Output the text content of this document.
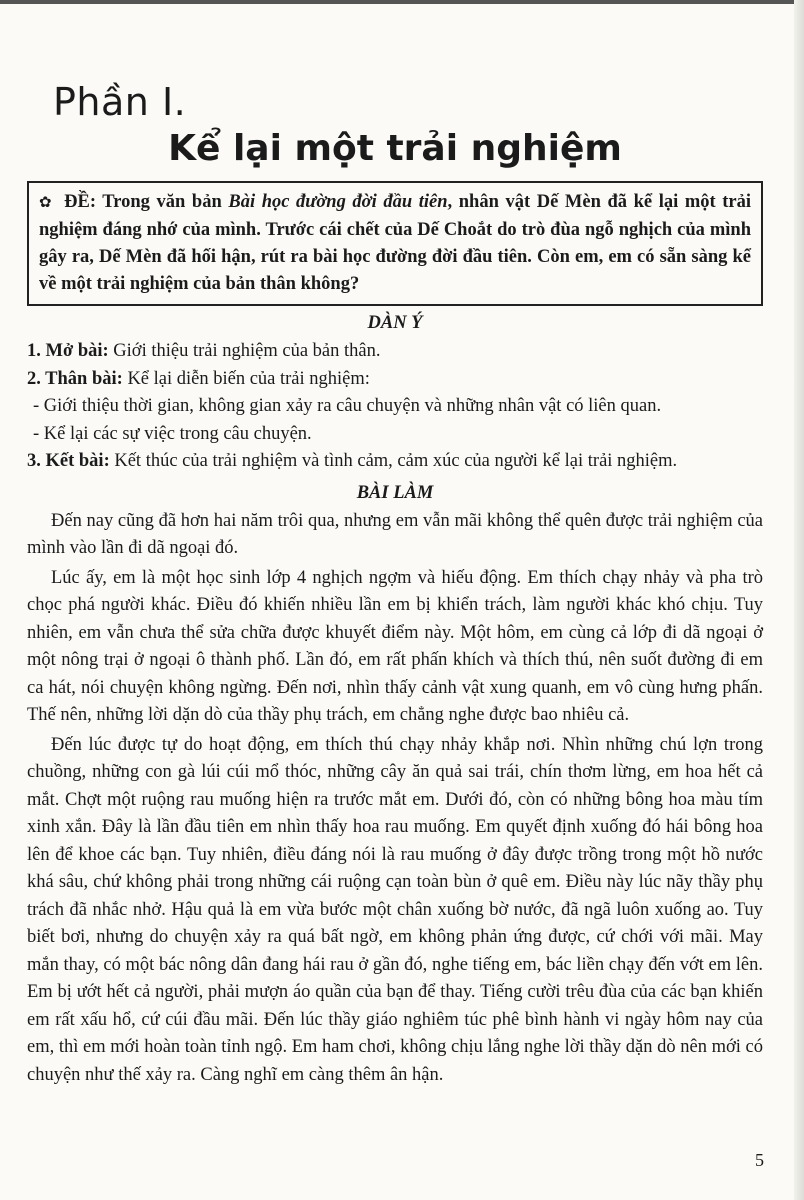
Phần I.
Kể lại một trải nghiệm
✿ ĐỀ: Trong văn bản Bài học đường đời đầu tiên, nhân vật Dế Mèn đã kể lại một trải nghiệm đáng nhớ của mình. Trước cái chết của Dế Choắt do trò đùa ngỗ nghịch của mình gây ra, Dế Mèn đã hối hận, rút ra bài học đường đời đầu tiên. Còn em, em có sẵn sàng kể về một trải nghiệm của bản thân không?
DÀN Ý

1. Mở bài: Giới thiệu trải nghiệm của bản thân.

2. Thân bài: Kể lại diễn biến của trải nghiệm:

- Giới thiệu thời gian, không gian xảy ra câu chuyện và những nhân vật có liên quan.

- Kể lại các sự việc trong câu chuyện.

3. Kết bài: Kết thúc của trải nghiệm và tình cảm, cảm xúc của người kể lại trải nghiệm.

BÀI LÀM

Đến nay cũng đã hơn hai năm trôi qua, nhưng em vẫn mãi không thể quên được trải nghiệm của mình vào lần đi dã ngoại đó.

Lúc ấy, em là một học sinh lớp 4 nghịch ngợm và hiếu động. Em thích chạy nhảy và pha trò chọc phá người khác. Điều đó khiến nhiều lần em bị khiển trách, làm người khác khó chịu. Tuy nhiên, em vẫn chưa thể sửa chữa được khuyết điểm này. Một hôm, em cùng cả lớp đi dã ngoại ở một nông trại ở ngoại ô thành phố. Lần đó, em rất phấn khích và thích thú, nên suốt đường đi em ca hát, nói chuyện không ngừng. Đến nơi, nhìn thấy cảnh vật xung quanh, em vô cùng hưng phấn. Thế nên, những lời dặn dò của thầy phụ trách, em chẳng nghe được bao nhiêu cả.

Đến lúc được tự do hoạt động, em thích thú chạy nhảy khắp nơi. Nhìn những chú lợn trong chuồng, những con gà lúi cúi mổ thóc, những cây ăn quả sai trái, chín thơm lừng, em hoa hết cả mắt. Chợt một ruộng rau muống hiện ra trước mắt em. Dưới đó, còn có những bông hoa màu tím xinh xắn. Đây là lần đầu tiên em nhìn thấy hoa rau muống. Em quyết định xuống đó hái bông hoa lên để khoe các bạn. Tuy nhiên, điều đáng nói là rau muống ở đây được trồng trong một hồ nước khá sâu, chứ không phải trong những cái ruộng cạn toàn bùn ở quê em. Điều này lúc nãy thầy phụ trách đã nhắc nhở. Hậu quả là em vừa bước một chân xuống bờ nước, đã ngã luôn xuống ao. Tuy biết bơi, nhưng do chuyện xảy ra quá bất ngờ, em không phản ứng được, cứ chới với mãi. May mắn thay, có một bác nông dân đang hái rau ở gần đó, nghe tiếng em, bác liền chạy đến vớt em lên. Em bị ướt hết cả người, phải mượn áo quần của bạn để thay. Tiếng cười trêu đùa của các bạn khiến em rất xấu hổ, cứ cúi đầu mãi. Đến lúc thầy giáo nghiêm túc phê bình hành vi ngày hôm nay của em, thì em mới hoàn toàn tỉnh ngộ. Em ham chơi, không chịu lắng nghe lời thầy dặn dò nên mới có chuyện như thế xảy ra. Càng nghĩ em càng thêm ân hận.

5
